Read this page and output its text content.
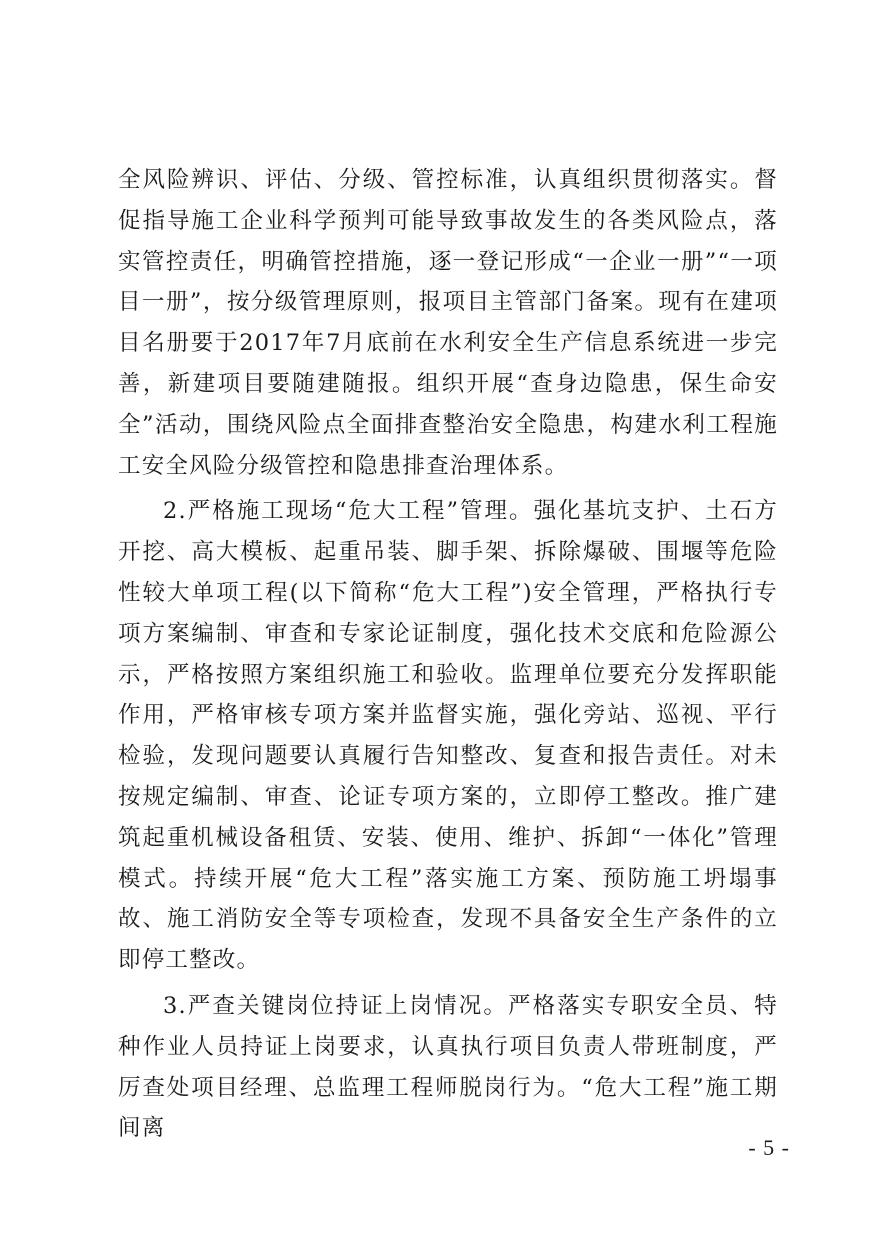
全风险辨识、评估、分级、管控标准，认真组织贯彻落实。督促指导施工企业科学预判可能导致事故发生的各类风险点，落实管控责任，明确管控措施，逐一登记形成“一企业一册”“一项目一册”，按分级管理原则，报项目主管部门备案。现有在建项目名册要于2017年7月底前在水利安全生产信息系统进一步完善，新建项目要随建随报。组织开展“查身边隐患，保生命安全”活动，围绕风险点全面排查整治安全隐患，构建水利工程施工安全风险分级管控和隐患排查治理体系。

2.严格施工现场“危大工程”管理。强化基坑支护、土石方开挖、高大模板、起重吊装、脚手架、拆除爆破、围堰等危险性较大单项工程(以下简称“危大工程”)安全管理，严格执行专项方案编制、审查和专家论证制度，强化技术交底和危险源公示，严格按照方案组织施工和验收。监理单位要充分发挥职能作用，严格审核专项方案并监督实施，强化旁站、巡视、平行检验，发现问题要认真履行告知整改、复查和报告责任。对未按规定编制、审查、论证专项方案的，立即停工整改。推广建筑起重机械设备租赁、安装、使用、维护、拆卸“一体化”管理模式。持续开展“危大工程”落实施工方案、预防施工坍塌事故、施工消防安全等专项检查，发现不具备安全生产条件的立即停工整改。

3.严查关键岗位持证上岗情况。严格落实专职安全员、特种作业人员持证上岗要求，认真执行项目负责人带班制度，严厉查处项目经理、总监理工程师脱岗行为。“危大工程”施工期间离

- 5 -
